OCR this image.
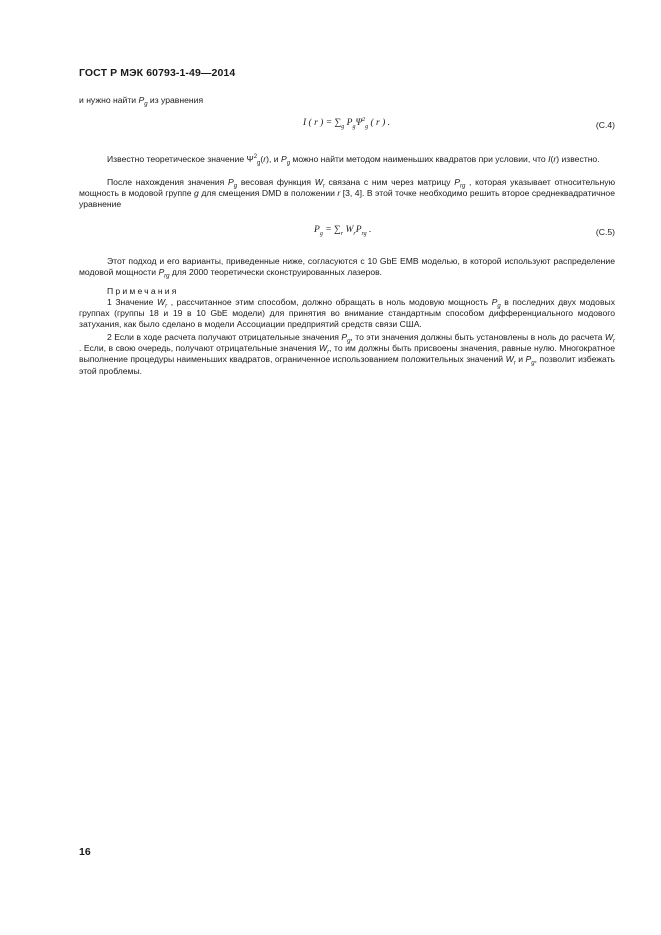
ГОСТ Р МЭК 60793-1-49—2014
и нужно найти $P_g$ из уравнения
I ( r ) = $\sum_g$ $P_g\Psi^2_g$ ( r ) .	(С.4)
Известно теоретическое значение $\Psi^2_g(r)$, и $P_g$ можно найти методом наименьших квадратов при условии, что I(r) известно.
После нахождения значения $P_g$ весовая функция $W_r$ связана с ним через матрицу $P_{rg}$ , которая указывает относительную мощность в модовой группе g для смещения DMD в положении r [3, 4]. В этой точке необходимо решить второе среднеквадратичное уравнение
$P_g = \sum_r$ $W_rP_{rg}$ .	(С.5)
Этот подход и его варианты, приведенные ниже, согласуются с 10 GbE EMB моделью, в которой используют распределение модовой мощности $P_{rg}$ для 2000 теоретически сконструированных лазеров.
Примечания
1 Значение $W_r$ , рассчитанное этим способом, должно обращать в ноль модовую мощность $P_g$ в последних двух модовых группах (группы 18 и 19 в 10 GbE модели) для принятия во внимание стандартным способом дифференциального модового затухания, как было сделано в модели Ассоциации предприятий средств связи США.
2 Если в ходе расчета получают отрицательные значения $P_g$, то эти значения должны быть установлены в ноль до расчета $W_r$ . Если, в свою очередь, получают отрицательные значения $W_r$, то им должны быть присвоены значения, равные нулю. Многократное выполнение процедуры наименьших квадратов, ограниченное использованием положительных значений $W_r$ и $P_g$, позволит избежать этой проблемы.
16
